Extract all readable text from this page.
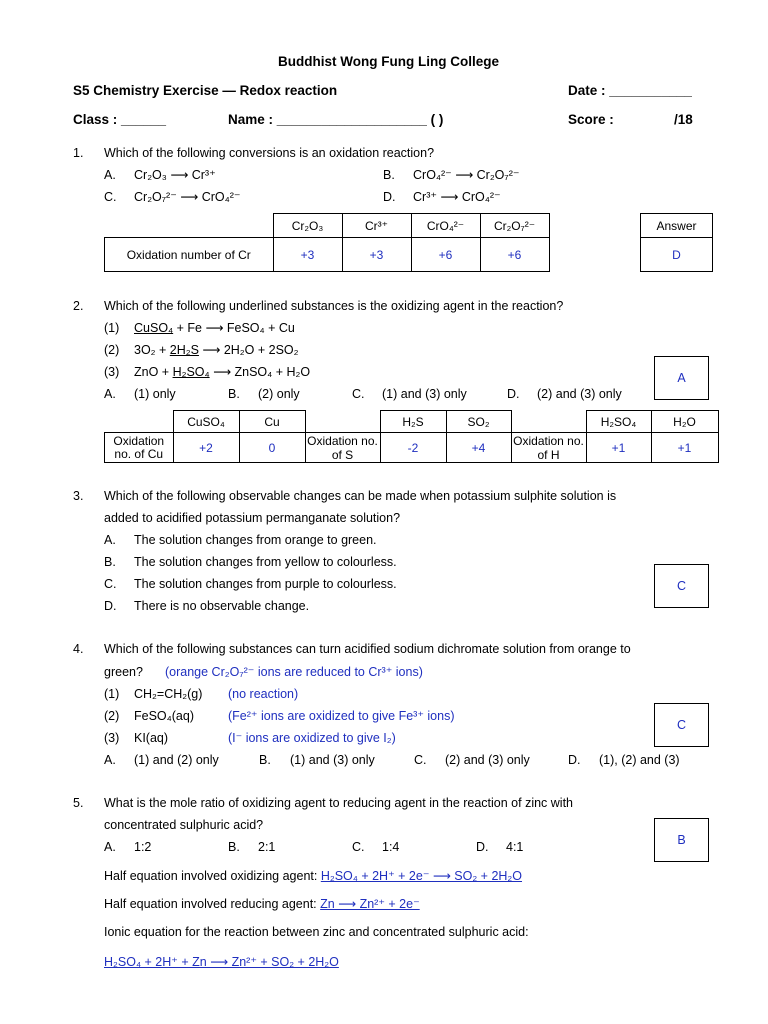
Buddhist Wong Fung Ling College
S5 Chemistry Exercise — Redox reaction	Date : ___________
Class : ______	Name : ____________________ ( )	Score :	/18
1. Which of the following conversions is an oxidation reaction?
A. Cr₂O₃ ⟶ Cr³⁺	B. CrO₄²⁻ ⟶ Cr₂O₇²⁻
C. Cr₂O₇²⁻ ⟶ CrO₄²⁻	D. Cr³⁺ ⟶ CrO₄²⁻
	Cr₂O₃	Cr³⁺	CrO₄²⁻	Cr₂O₇²⁻
Oxidation number of Cr	+3	+3	+6	+6
Answer
D
2. Which of the following underlined substances is the oxidizing agent in the reaction?
(1) CuSO₄ + Fe ⟶ FeSO₄ + Cu
(2) 3O₂ + 2H₂S ⟶ 2H₂O + 2SO₂
(3) ZnO + H₂SO₄ ⟶ ZnSO₄ + H₂O
A. (1) only	B. (2) only	C. (1) and (3) only	D. (2) and (3) only
A
	CuSO₄	Cu		H₂S	SO₂		H₂SO₄	H₂O
Oxidation no. of Cu	+2	0	Oxidation no. of S	-2	+4	Oxidation no. of H	+1	+1
3. Which of the following observable changes can be made when potassium sulphite solution is
added to acidified potassium permanganate solution?
A. The solution changes from orange to green.
B. The solution changes from yellow to colourless.
C. The solution changes from purple to colourless.
D. There is no observable change.
C
4. Which of the following substances can turn acidified sodium dichromate solution from orange to
green? (orange Cr₂O₇²⁻ ions are reduced to Cr³⁺ ions)
(1) CH₂=CH₂(g) (no reaction)
(2) FeSO₄(aq)	(Fe²⁺ ions are oxidized to give Fe³⁺ ions)
(3) KI(aq)	(I⁻ ions are oxidized to give I₂)
A. (1) and (2) only	B. (1) and (3) only	C. (2) and (3) only	D. (1), (2) and (3)
C
5. What is the mole ratio of oxidizing agent to reducing agent in the reaction of zinc with
concentrated sulphuric acid?
A. 1:2	B. 2:1	C. 1:4	D. 4:1	B
Half equation involved oxidizing agent: H₂SO₄ + 2H⁺ + 2e⁻ ⟶ SO₂ + 2H₂O
Half equation involved reducing agent: Zn ⟶ Zn²⁺ + 2e⁻
Ionic equation for the reaction between zinc and concentrated sulphuric acid:
H₂SO₄ + 2H⁺ + Zn ⟶ Zn²⁺ + SO₂ + 2H₂O
